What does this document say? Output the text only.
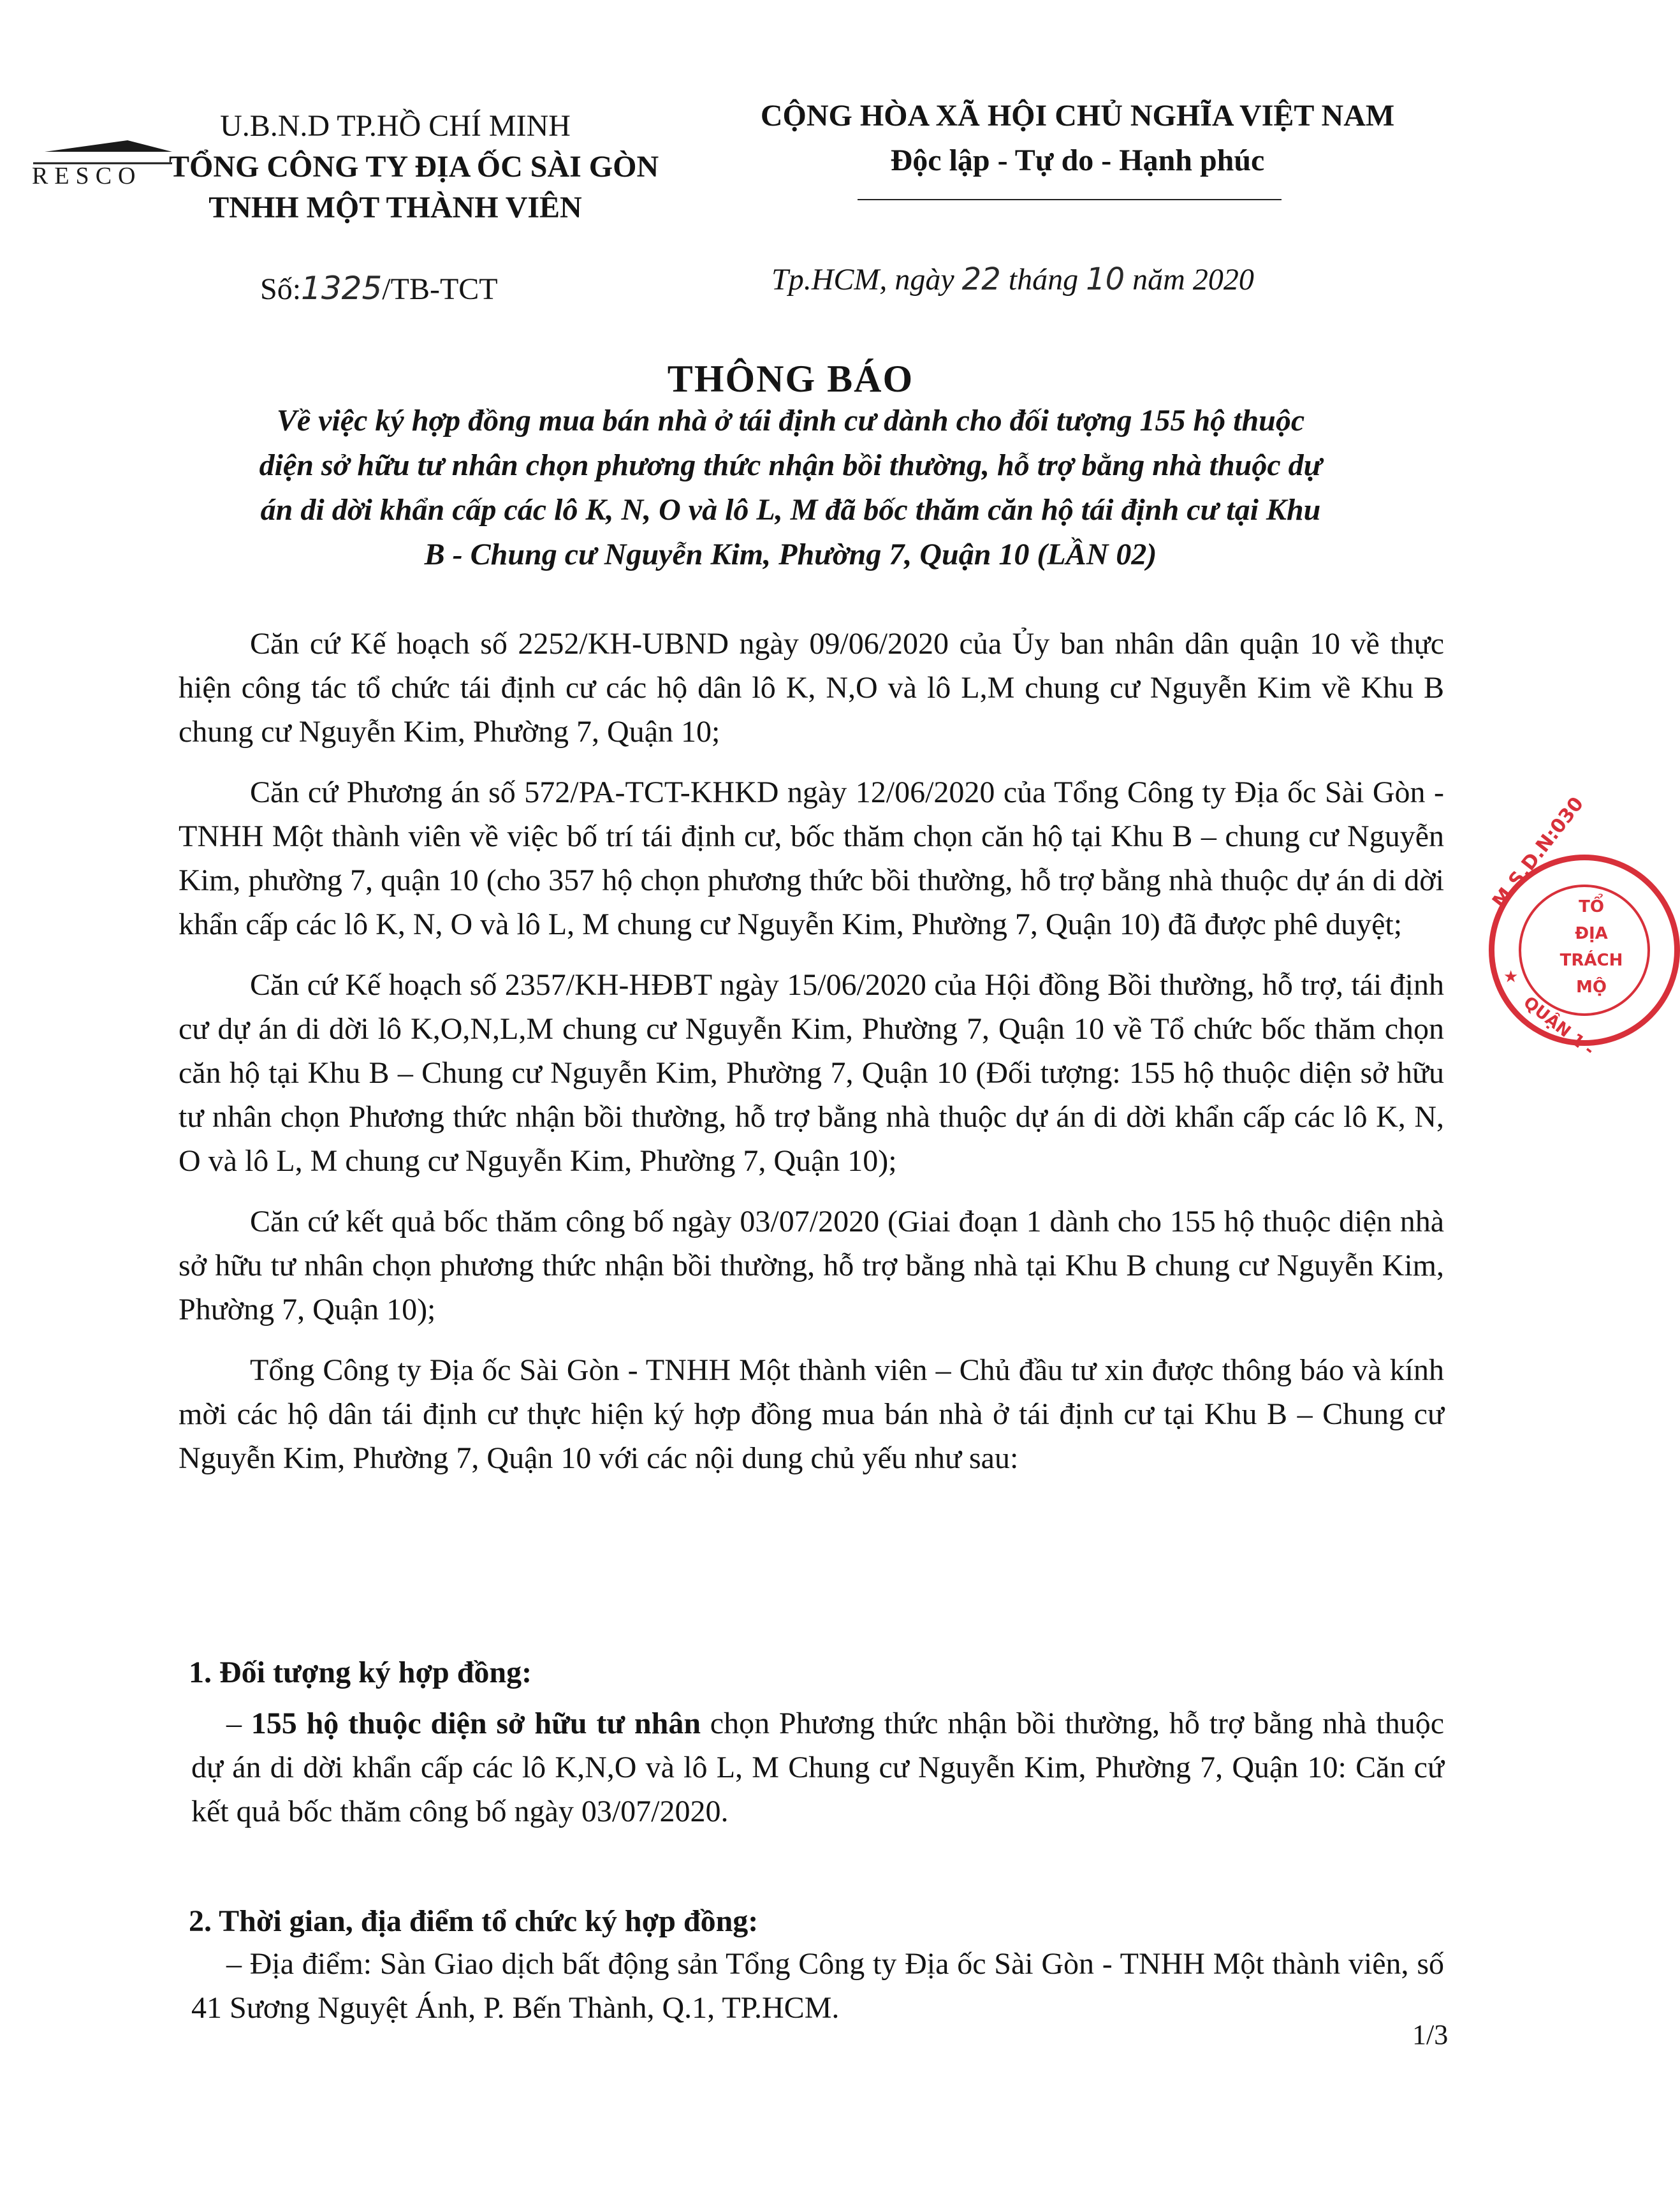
U.B.N.D TP.HỒ CHÍ MINH
RESCO TỔNG CÔNG TY ĐỊA ỐC SÀI GÒN
TNHH MỘT THÀNH VIÊN
Số:1325/TB-TCT
CỘNG HÒA XÃ HỘI CHỦ NGHĨA VIỆT NAM
Độc lập - Tự do - Hạnh phúc
Tp.HCM, ngày 22 tháng 10 năm 2020
THÔNG BÁO
Về việc ký hợp đồng mua bán nhà ở tái định cư dành cho đối tượng 155 hộ thuộc
diện sở hữu tư nhân chọn phương thức nhận bồi thường, hỗ trợ bằng nhà thuộc dự
án di dời khẩn cấp các lô K, N, O và lô L, M đã bốc thăm căn hộ tái định cư tại Khu
B - Chung cư Nguyễn Kim, Phường 7, Quận 10 (LẦN 02)

Căn cứ Kế hoạch số 2252/KH-UBND ngày 09/06/2020 của Ủy ban nhân dân quận 10 về thực hiện công tác tổ chức tái định cư các hộ dân lô K, N,O và lô L,M chung cư Nguyễn Kim về Khu B chung cư Nguyễn Kim, Phường 7, Quận 10;

Căn cứ Phương án số 572/PA-TCT-KHKD ngày 12/06/2020 của Tổng Công ty Địa ốc Sài Gòn - TNHH Một thành viên về việc bố trí tái định cư, bốc thăm chọn căn hộ tại Khu B – chung cư Nguyễn Kim, phường 7, quận 10 (cho 357 hộ chọn phương thức bồi thường, hỗ trợ bằng nhà thuộc dự án di dời khẩn cấp các lô K, N, O và lô L, M chung cư Nguyễn Kim, Phường 7, Quận 10) đã được phê duyệt;

Căn cứ Kế hoạch số 2357/KH-HĐBT ngày 15/06/2020 của Hội đồng Bồi thường, hỗ trợ, tái định cư dự án di dời lô K,O,N,L,M chung cư Nguyễn Kim, Phường 7, Quận 10 về Tổ chức bốc thăm chọn căn hộ tại Khu B – Chung cư Nguyễn Kim, Phường 7, Quận 10 (Đối tượng: 155 hộ thuộc diện sở hữu tư nhân chọn Phương thức nhận bồi thường, hỗ trợ bằng nhà thuộc dự án di dời khẩn cấp các lô K, N, O và lô L, M chung cư Nguyễn Kim, Phường 7, Quận 10);

Căn cứ kết quả bốc thăm công bố ngày 03/07/2020 (Giai đoạn 1 dành cho 155 hộ thuộc diện nhà sở hữu tư nhân chọn phương thức nhận bồi thường, hỗ trợ bằng nhà tại Khu B chung cư Nguyễn Kim, Phường 7, Quận 10);

Tổng Công ty Địa ốc Sài Gòn - TNHH Một thành viên – Chủ đầu tư xin được thông báo và kính mời các hộ dân tái định cư thực hiện ký hợp đồng mua bán nhà ở tái định cư tại Khu B – Chung cư Nguyễn Kim, Phường 7, Quận 10 với các nội dung chủ yếu như sau:

1. Đối tượng ký hợp đồng:

– 155 hộ thuộc diện sở hữu tư nhân chọn Phương thức nhận bồi thường, hỗ trợ bằng nhà thuộc dự án di dời khẩn cấp các lô K,N,O và lô L, M Chung cư Nguyễn Kim, Phường 7, Quận 10: Căn cứ kết quả bốc thăm công bố ngày 03/07/2020.

2. Thời gian, địa điểm tổ chức ký hợp đồng:

– Địa điểm: Sàn Giao dịch bất động sản Tổng Công ty Địa ốc Sài Gòn - TNHH Một thành viên, số 41 Sương Nguyệt Ánh, P. Bến Thành, Q.1, TP.HCM.

1/3
M.S.D.N:030
★
TỔ
ĐỊA
TRÁCH
MỘ
QUẬN 1 -
